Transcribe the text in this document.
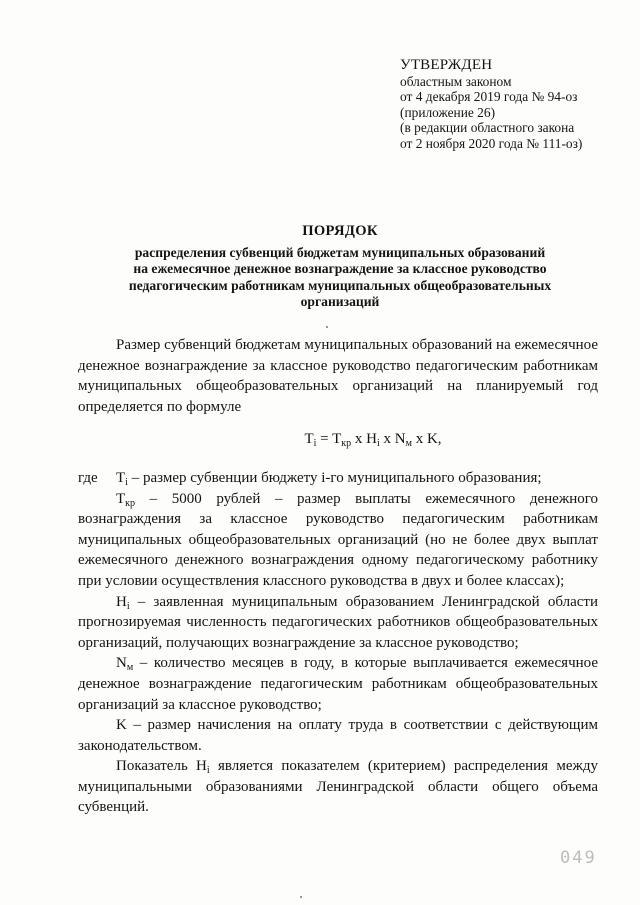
УТВЕРЖДЕН
областным законом
от 4 декабря 2019 года № 94-оз
(приложение 26)
(в редакции областного закона
от 2 ноября 2020 года № 111-оз)
ПОРЯДОК
распределения субвенций бюджетам муниципальных образований
на ежемесячное денежное вознаграждение за классное руководство
педагогическим работникам муниципальных общеобразовательных
организаций

Размер субвенций бюджетам муниципальных образований на ежемесячное денежное вознаграждение за классное руководство педагогическим работникам муниципальных общеобразовательных организаций на планируемый год определяется по формуле

$T_i = T_{кр}$ x $H_i$ x $N_м$ x K,

где $T_i$ – размер субвенции бюджету i-го муниципального образования;

$T_{кр} - 5000$ рублей – размер выплаты ежемесячного денежного вознаграждения за классное руководство педагогическим работникам муниципальных общеобразовательных организаций (но не более двух выплат ежемесячного денежного вознаграждения одному педагогическому работнику при условии осуществления классного руководства в двух и более классах);

$H_i$ – заявленная муниципальным образованием Ленинградской области прогнозируемая численность педагогических работников общеобразовательных организаций, получающих вознаграждение за классное руководство;

$N_м$ – количество месяцев в году, в которые выплачивается ежемесячное денежное вознаграждение педагогическим работникам общеобразовательных организаций за классное руководство;

K – размер начисления на оплату труда в соответствии с действующим законодательством.

Показатель $H_i$ является показателем (критерием) распределения между муниципальными образованиями Ленинградской области общего объема субвенций.

049
